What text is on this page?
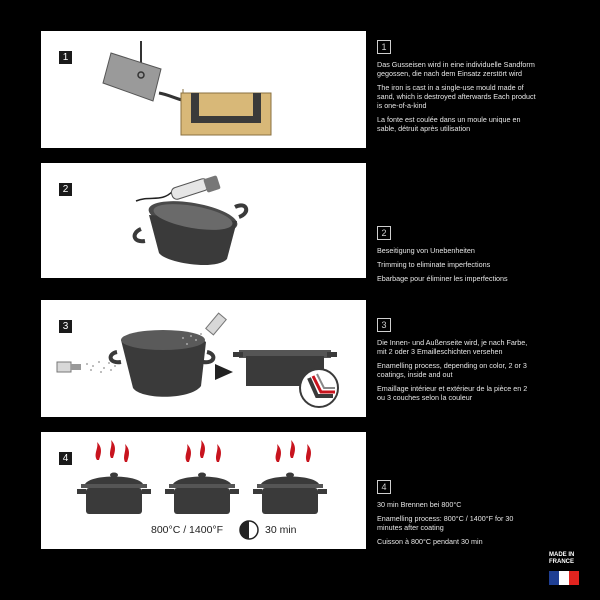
1
1

Das Gusseisen wird in eine individuelle Sandform gegossen, die nach dem Einsatz zerstört wird

The iron is cast in a single-use mould made of sand, which is destroyed afterwards Each product is one-of-a-kind

La fonte est coulée dans un moule unique en sable, détruit après utilisation

2
2

Beseitigung von Unebenheiten

Trimming to eliminate imperfections

Ebarbage pour éliminer les imperfections

3	3

Die Innen- und Außenseite wird, je nach Farbe, mit 2 oder 3 Emailleschichten versehen

Enamelling process, depending on color, 2 or 3 coatings, inside and out

Emaillage intérieur et extérieur de la pièce en 2 ou 3 couches selon la couleur

4
800°C / 1400°F	30 min
4

30 min Brennen bei 800°C

Enamelling process: 800°C / 1400°F for 30 minutes after coating

Cuisson à 800°C pendant 30 min

MADE IN
FRANCE
